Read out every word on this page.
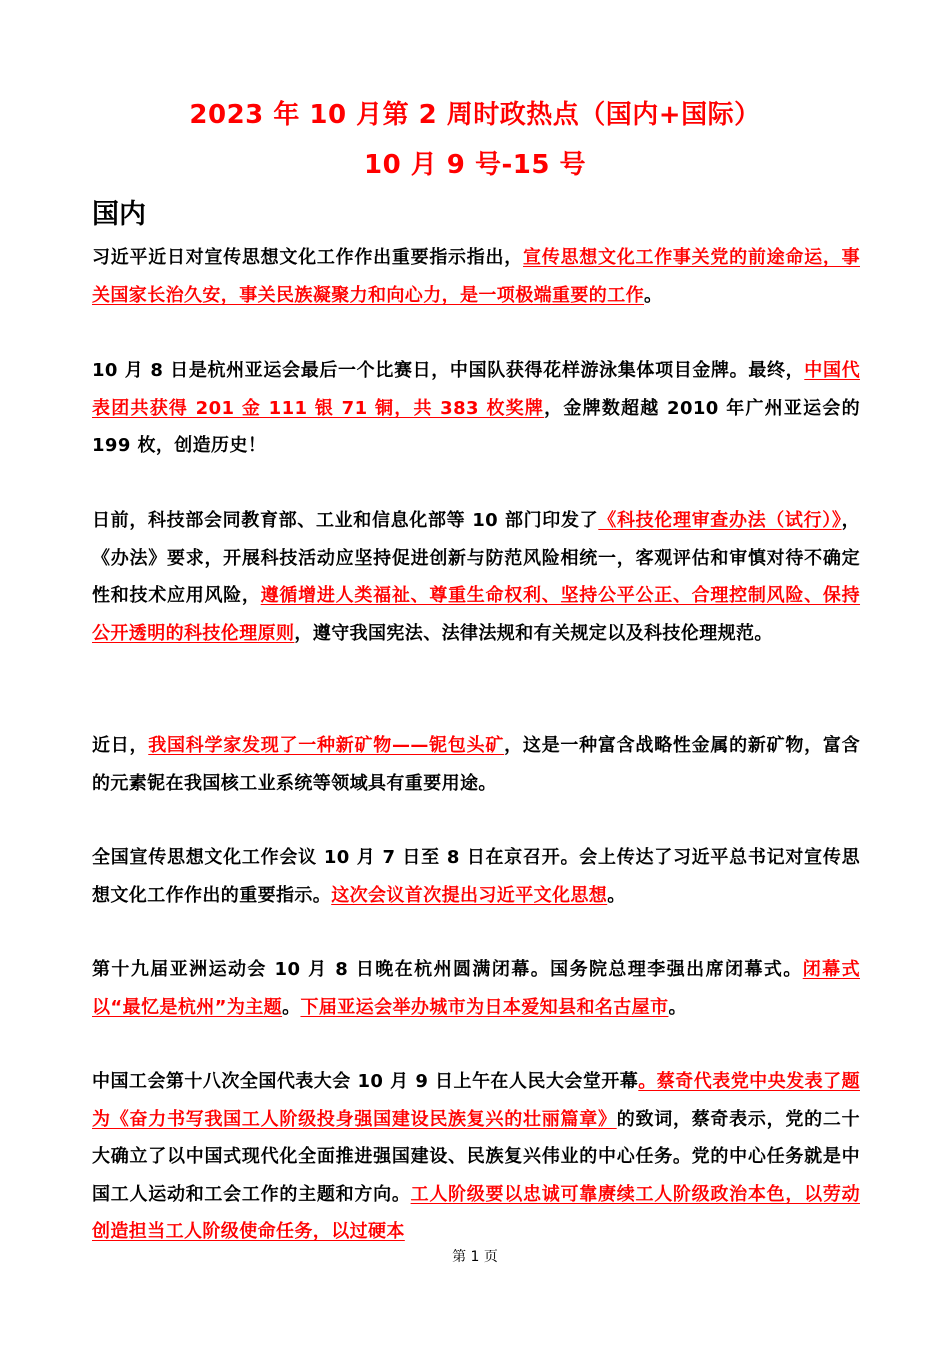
2023 年 10 月第 2 周时政热点（国内+国际）
10 月 9 号-15 号
国内

习近平近日对宣传思想文化工作作出重要指示指出，宣传思想文化工作事关党的前途命运，事关国家长治久安，事关民族凝聚力和向心力，是一项极端重要的工作。

10 月 8 日是杭州亚运会最后一个比赛日，中国队获得花样游泳集体项目金牌。最终，中国代表团共获得 201 金 111 银 71 铜，共 383 枚奖牌，金牌数超越 2010 年广州亚运会的 199 枚，创造历史！

日前，科技部会同教育部、工业和信息化部等 10 部门印发了《科技伦理审查办法（试行）》，《办法》要求，开展科技活动应坚持促进创新与防范风险相统一，客观评估和审慎对待不确定性和技术应用风险，遵循增进人类福祉、尊重生命权利、坚持公平公正、合理控制风险、保持公开透明的科技伦理原则，遵守我国宪法、法律法规和有关规定以及科技伦理规范。

近日，我国科学家发现了一种新矿物——铌包头矿，这是一种富含战略性金属的新矿物，富含的元素铌在我国核工业系统等领域具有重要用途。

全国宣传思想文化工作会议 10 月 7 日至 8 日在京召开。会上传达了习近平总书记对宣传思想文化工作作出的重要指示。这次会议首次提出习近平文化思想。

第十九届亚洲运动会 10 月 8 日晚在杭州圆满闭幕。国务院总理李强出席闭幕式。闭幕式以“最忆是杭州”为主题。下届亚运会举办城市为日本爱知县和名古屋市。

中国工会第十八次全国代表大会 10 月 9 日上午在人民大会堂开幕。蔡奇代表党中央发表了题为《奋力书写我国工人阶级投身强国建设民族复兴的壮丽篇章》的致词，蔡奇表示，党的二十大确立了以中国式现代化全面推进强国建设、民族复兴伟业的中心任务。党的中心任务就是中国工人运动和工会工作的主题和方向。工人阶级要以忠诚可靠赓续工人阶级政治本色，以劳动创造担当工人阶级使命任务，以过硬本

第 1 页
